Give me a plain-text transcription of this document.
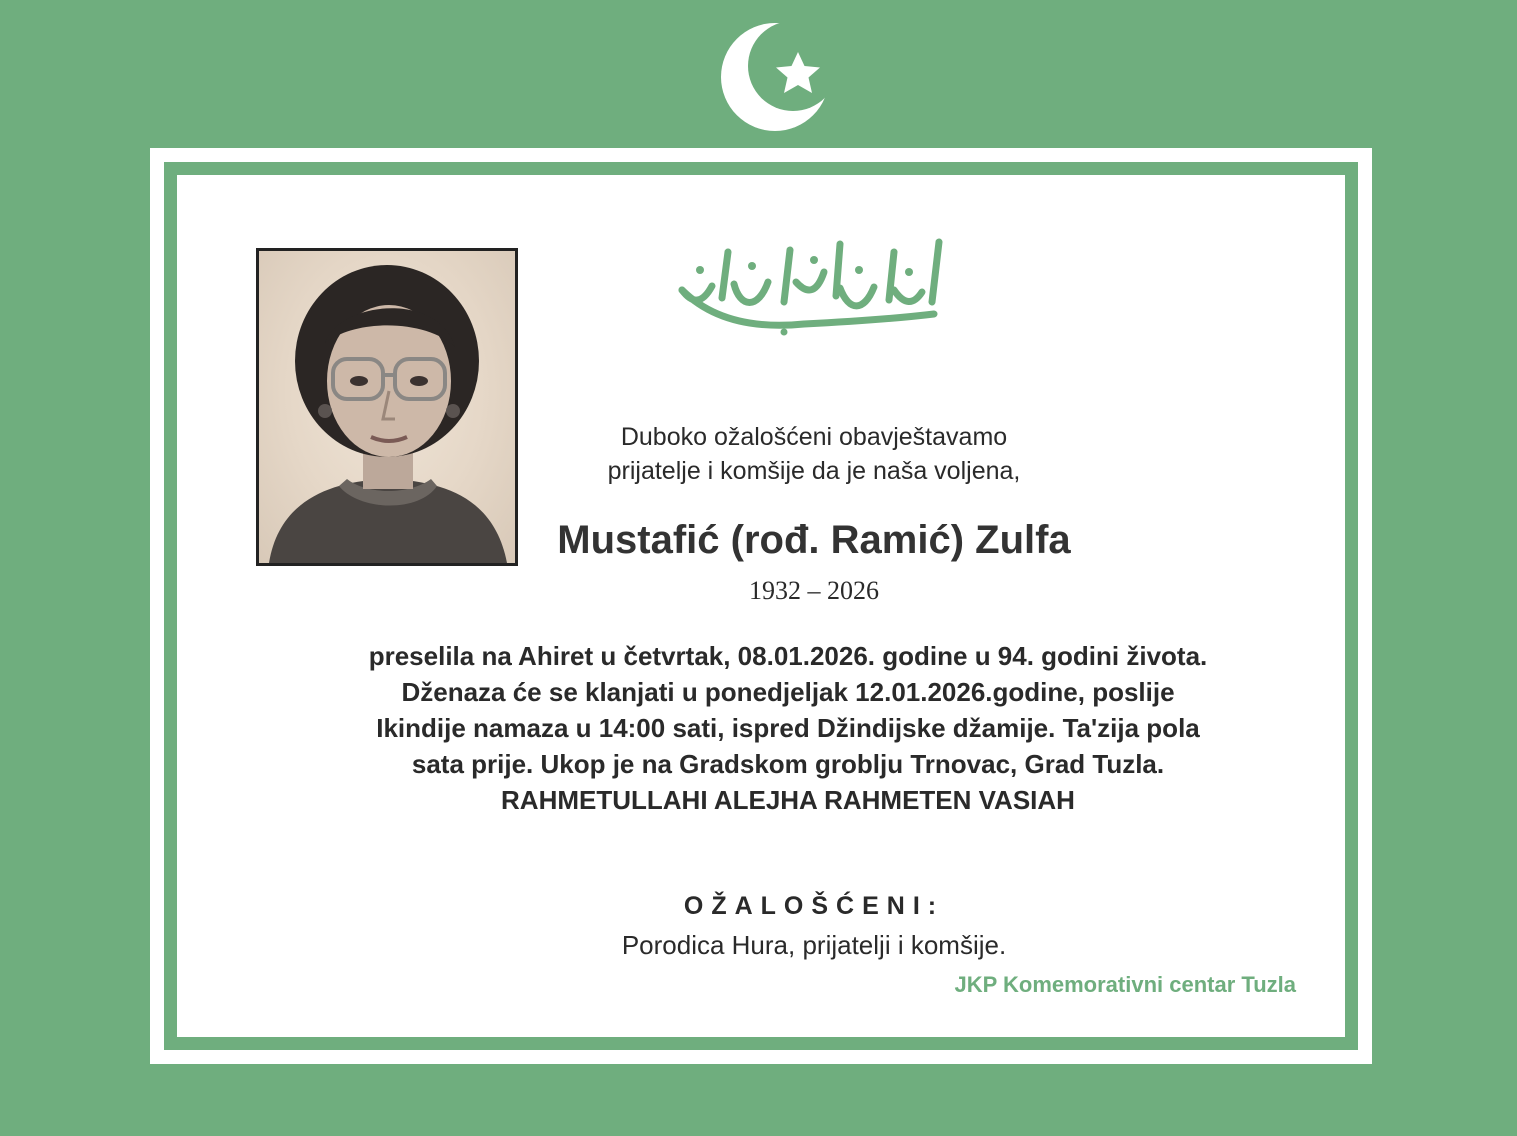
Duboko ožalošćeni obavještavamo
prijatelje i komšije da je naša voljena,
Mustafić (rođ. Ramić) Zulfa
1932 – 2026
preselila na Ahiret u četvrtak, 08.01.2026. godine u 94. godini života.
Dženaza će se klanjati u ponedjeljak 12.01.2026.godine, poslije
Ikindije namaza u 14:00 sati, ispred Džindijske džamije. Ta'zija pola
sata prije. Ukop je na Gradskom groblju Trnovac, Grad Tuzla.
RAHMETULLAHI ALEJHA RAHMETEN VASIAH
OŽALOŠĆENI:
Porodica Hura, prijatelji i komšije.
JKP Komemorativni centar Tuzla
